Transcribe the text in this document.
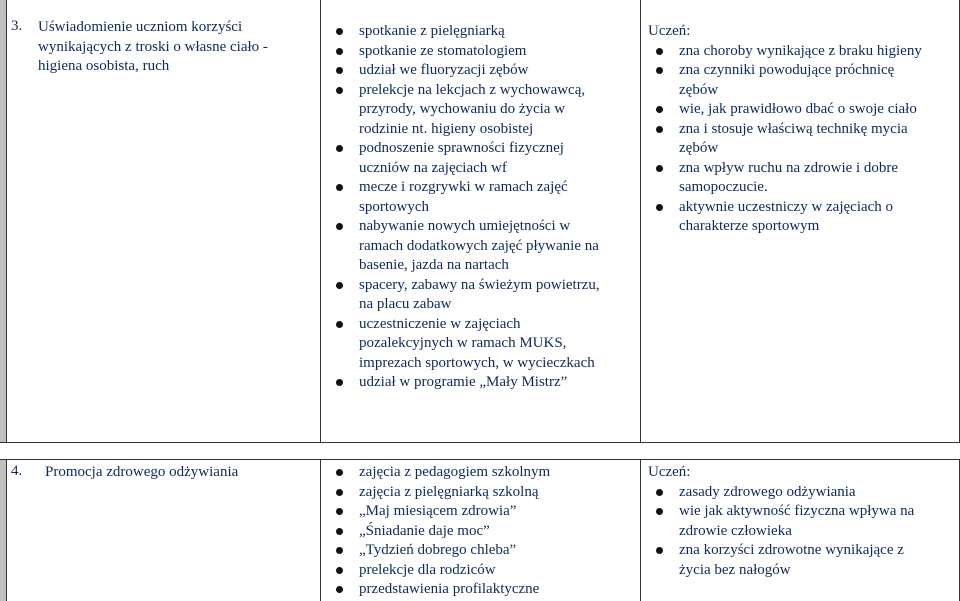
3. Uświadomienie uczniom korzyści
wynikających z troski o własne ciało -
higiena osobista, ruch
spotkanie z pielęgniarką
spotkanie ze stomatologiem
udział we fluoryzacji zębów
prelekcje na lekcjach z wychowawcą,
przyrody, wychowaniu do życia w
rodzinie nt. higieny osobistej
podnoszenie sprawności fizycznej
uczniów na zajęciach wf
mecze i rozgrywki w ramach zajęć
sportowych
nabywanie nowych umiejętności w
ramach dodatkowych zajęć pływanie na
basenie, jazda na nartach
spacery, zabawy na świeżym powietrzu,
na placu zabaw
uczestniczenie w zajęciach
pozalekcyjnych w ramach MUKS,
imprezach sportowych, w wycieczkach
udział w programie „Mały Mistrz”
Uczeń:
zna choroby wynikające z braku higieny
zna czynniki powodujące próchnicę
zębów
wie, jak prawidłowo dbać o swoje ciało
zna i stosuje właściwą technikę mycia
zębów
zna wpływ ruchu na zdrowie i dobre
samopoczucie.
aktywnie uczestniczy w zajęciach o
charakterze sportowym
4. Promocja zdrowego odżywiania	zajęcia z pedagogiem szkolnym
zajęcia z pielęgniarką szkolną
„Maj miesiącem zdrowia”
„Śniadanie daje moc”
„Tydzień dobrego chleba”
prelekcje dla rodziców
przedstawienia profilaktyczne
Uczeń:
zasady zdrowego odżywiania
wie jak aktywność fizyczna wpływa na
zdrowie człowieka
zna korzyści zdrowotne wynikające z
życia bez nałogów
